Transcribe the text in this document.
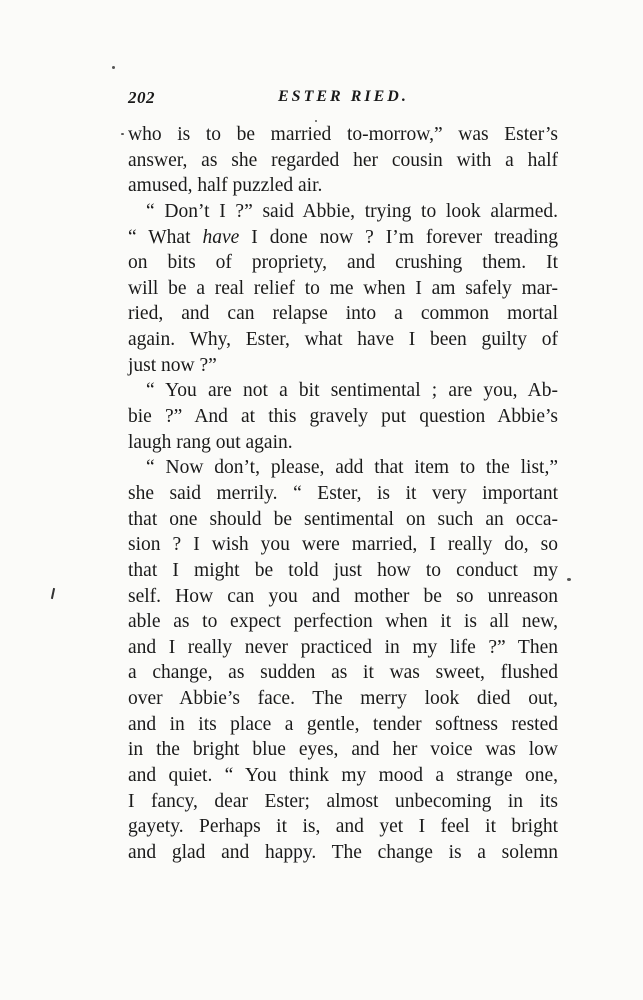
202	ESTER RIED.
who is to be married to-morrow,” was Ester’s
answer, as she regarded her cousin with a half
amused, half puzzled air.
“ Don’t I ?” said Abbie, trying to look alarmed.
“ What have I done now ? I’m forever treading
on bits of propriety, and crushing them. It
will be a real relief to me when I am safely mar-
ried, and can relapse into a common mortal
again. Why, Ester, what have I been guilty of
just now ?”
“ You are not a bit sentimental ; are you, Ab-
bie ?” And at this gravely put question Abbie’s
laugh rang out again.
“ Now don’t, please, add that item to the list,”
she said merrily. “ Ester, is it very important
that one should be sentimental on such an occa-
sion ? I wish you were married, I really do, so
that I might be told just how to conduct my
self. How can you and mother be so unreason
able as to expect perfection when it is all new,
and I really never practiced in my life ?” Then
a change, as sudden as it was sweet, flushed
over Abbie’s face. The merry look died out,
and in its place a gentle, tender softness rested
in the bright blue eyes, and her voice was low
and quiet. “ You think my mood a strange one,
I fancy, dear Ester; almost unbecoming in its
gayety. Perhaps it is, and yet I feel it bright
and glad and happy. The change is a solemn
